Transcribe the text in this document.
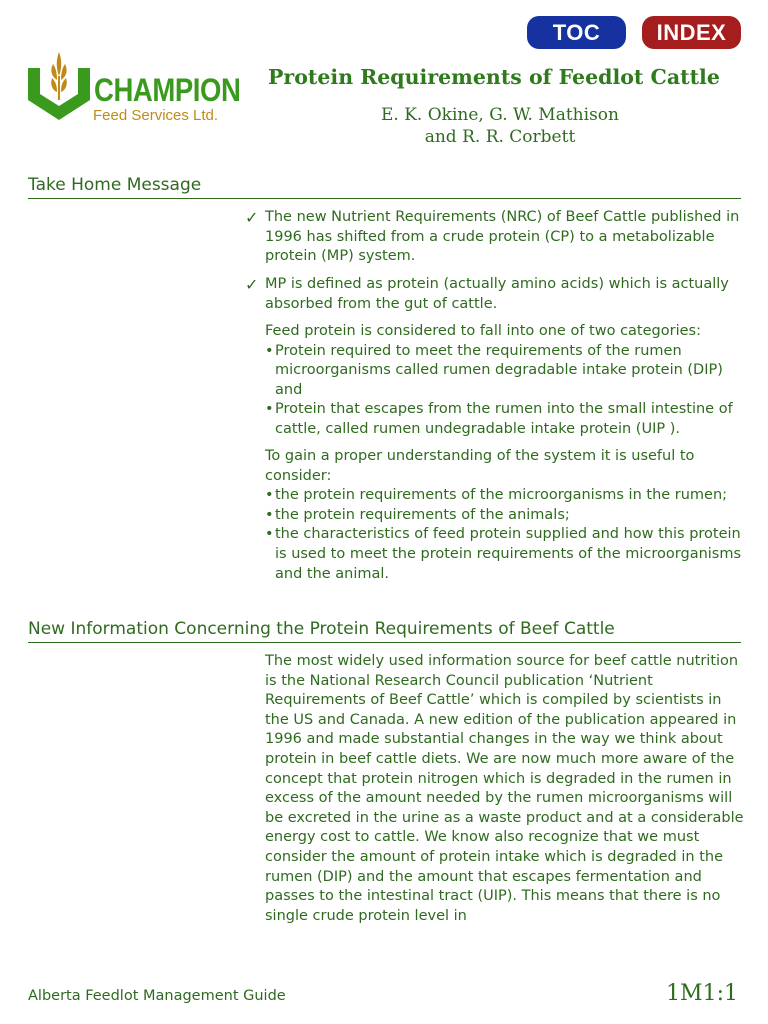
TOC	INDEX
CHAMPION
Feed Services Ltd.
Protein Requirements of Feedlot Cattle
E. K. Okine, G. W. Mathison
and R. R. Corbett
Take Home Message
✓ The new Nutrient Requirements (NRC) of Beef Cattle published in 1996 has shifted from a crude protein (CP) to a metabolizable protein (MP) system.

✓ MP is defined as protein (actually amino acids) which is actually absorbed from the gut of cattle.

Feed protein is considered to fall into one of two categories:

• Protein required to meet the requirements of the rumen microorganisms called rumen degradable intake protein (DIP) and
• Protein that escapes from the rumen into the small intestine of cattle, called rumen undegradable intake protein (UIP ).

To gain a proper understanding of the system it is useful to consider:

• the protein requirements of the microorganisms in the rumen;
• the protein requirements of the animals;
• the characteristics of feed protein supplied and how this protein is used to meet the protein requirements of the microorganisms and the animal.
New Information Concerning the Protein Requirements of Beef Cattle

The most widely used information source for beef cattle nutrition is the National Research Council publication ‘Nutrient Requirements of Beef Cattle’ which is compiled by scientists in the US and Canada. A new edition of the publication appeared in 1996 and made substantial changes in the way we think about protein in beef cattle diets. We are now much more aware of the concept that protein nitrogen which is degraded in the rumen in excess of the amount needed by the rumen microorganisms will be excreted in the urine as a waste product and at a considerable energy cost to cattle. We know also recognize that we must consider the amount of protein intake which is degraded in the rumen (DIP) and the amount that escapes fermentation and passes to the intestinal tract (UIP). This means that there is no single crude protein level in

Alberta Feedlot Management Guide	1M1:1
